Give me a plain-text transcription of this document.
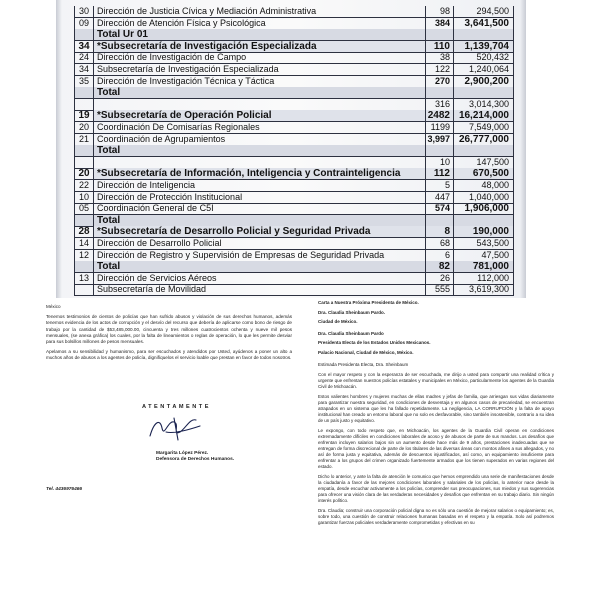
30 Dirección de Justicia Cívica y Mediación Administrativa	98	294,500
09 Dirección de Atención Física y Psicológica	384	3,641,500
Total Ur 01
34 *Subsecretaría de Investigación Especializada	110	1,139,704
24 Dirección de Investigación de Campo	38	520,432
34 Subsecretaría de Investigación Especializada	122	1,240,064
35 Dirección de Investigación Técnica y Táctica	270	2,900,200
Total
316	3,014,300
19 *Subsecretaría de Operación Policial	2482 16,214,000
20 Coordinación De Comisarías Regionales	1199	7,549,000
21 Coordinación de Agrupamientos	3,997 26,777,000
Total
10	147,500
20 *Subsecretaría de Información, Inteligencia y Contrainteligencia	112	670,500
22 Dirección de Inteligencia	5	48,000
10 Dirección de Protección Institucional	447	1,040,000
05 Coordinación General de C5I	574	1,906,000
Total
28 *Subsecretaría de Desarrollo Policial y Seguridad Privada	8	190,000
14 Dirección de Desarrollo Policial	68	543,500
12 Dirección de Registro y Supervisión de Empresas de Seguridad Privada	6	47,500
Total	82	781,000
13 Dirección de Servicios Aéreos	26	112,000
Subsecretaría de Movilidad	555	3,619,300

México

Tenemos testimonios de cientos de policías que han sufrido abusos y violación de sus derechos humanos, además tenemos evidencia de los actos de corrupción y el desvío del recurso que debería de aplicarse como bono de riesgo de trabajo por la cantidad de $53,485,000.00, cincuenta y tres millones cuatrocientos ochenta y nueve mil pesos mensuales, (se anexa gráfica) los cuales, por la falta de lineamientos o reglas de operación, lo que les permite desviar para sus bolsillos millones de pesos mensuales.

Apelamos a su sensibilidad y humanismo, para ser escuchados y atendidos por Usted, ayúdenos a poner un alto a muchos años de abusos a los agentes de policía, dignifíquelos el servicio loable que prestan en favor de todos nosotros.

ATENTAMENTE
Margarita López Pérez.
Defensora de Derechos Humanos.
Tel. 4436976466

Carta a Nuestra Próxima Presidenta de México.

Dra. Claudia Sheinbaum Pardo.

Ciudad de México.

Dra. Claudia Sheinbaum Pardo

Presidenta Electa de los Estados Unidos Mexicanos.

Palacio Nacional, Ciudad de México, México.

Estimada Presidenta Electa, Dra. Sheinbaum

Con el mayor respeto y con la esperanza de ser escuchada, me dirijo a usted para compartir una realidad crítica y urgente que enfrentan nuestros policías estatales y municipales en México, particularmente los agentes de la Guardia Civil de Michoacán.

Estos valientes hombres y mujeres muchas de ellas madres y jefas de familia, que arriesgan sus vidas diariamente para garantizar nuestra seguridad, en condiciones de desventaja y en algunos casos de precariedad, se encuentran atrapados en un sistema que les ha fallado repetidamente. La negligencia, LA CORRUPCIÓN y la falta de apoyo institucional han creado un entorno laboral que no solo es desfavorable, sino también insostenible, contrario a su idea de un país justo y equitativo.

Le expongo, con todo respeto que, en Michoacán, los agentes de la Guardia Civil operan en condiciones extremadamente difíciles en condiciones laborales de acoso y de abusos de parte de sus mandos. Los desafíos que enfrentan incluyen salarios bajos sin un aumento desde hace más de 9 años, prestaciones inadecuadas que se entregan de forma discrecional de parte de los titulares de las diversas áreas con montos afines a sus allegados, y no así de forma justa y equitativa, además de descuentos injustificados, así como, un equipamiento insuficiente para enfrentar a los grupos del crimen organizado fuertemente armados que los tienen superados en varias regiones del estado.

Dicho lo anterior, y ante la falta de atención le comunico que hemos emprendido una serie de manifestaciones desde la ciudadanía a favor de las mejores condiciones laborales y salariales de los policías, lo anterior nace desde la empatía, desde escuchar activamente a los policías, comprender sus preocupaciones, sus miedos y sus sugerencias para ofrecer una visión clara de las verdaderas necesidades y desafíos que enfrentan en su trabajo diario. Sin ningún interés político.

Dra. Claudia; construir una corporación policial digna no es sólo una cuestión de mejorar salarios o equipamiento; es, sobre todo, una cuestión de construir relaciones humanas basadas en el respeto y la empatía. Solo así podremos garantizar fuerzas policiales verdaderamente comprometidas y efectivas en su
